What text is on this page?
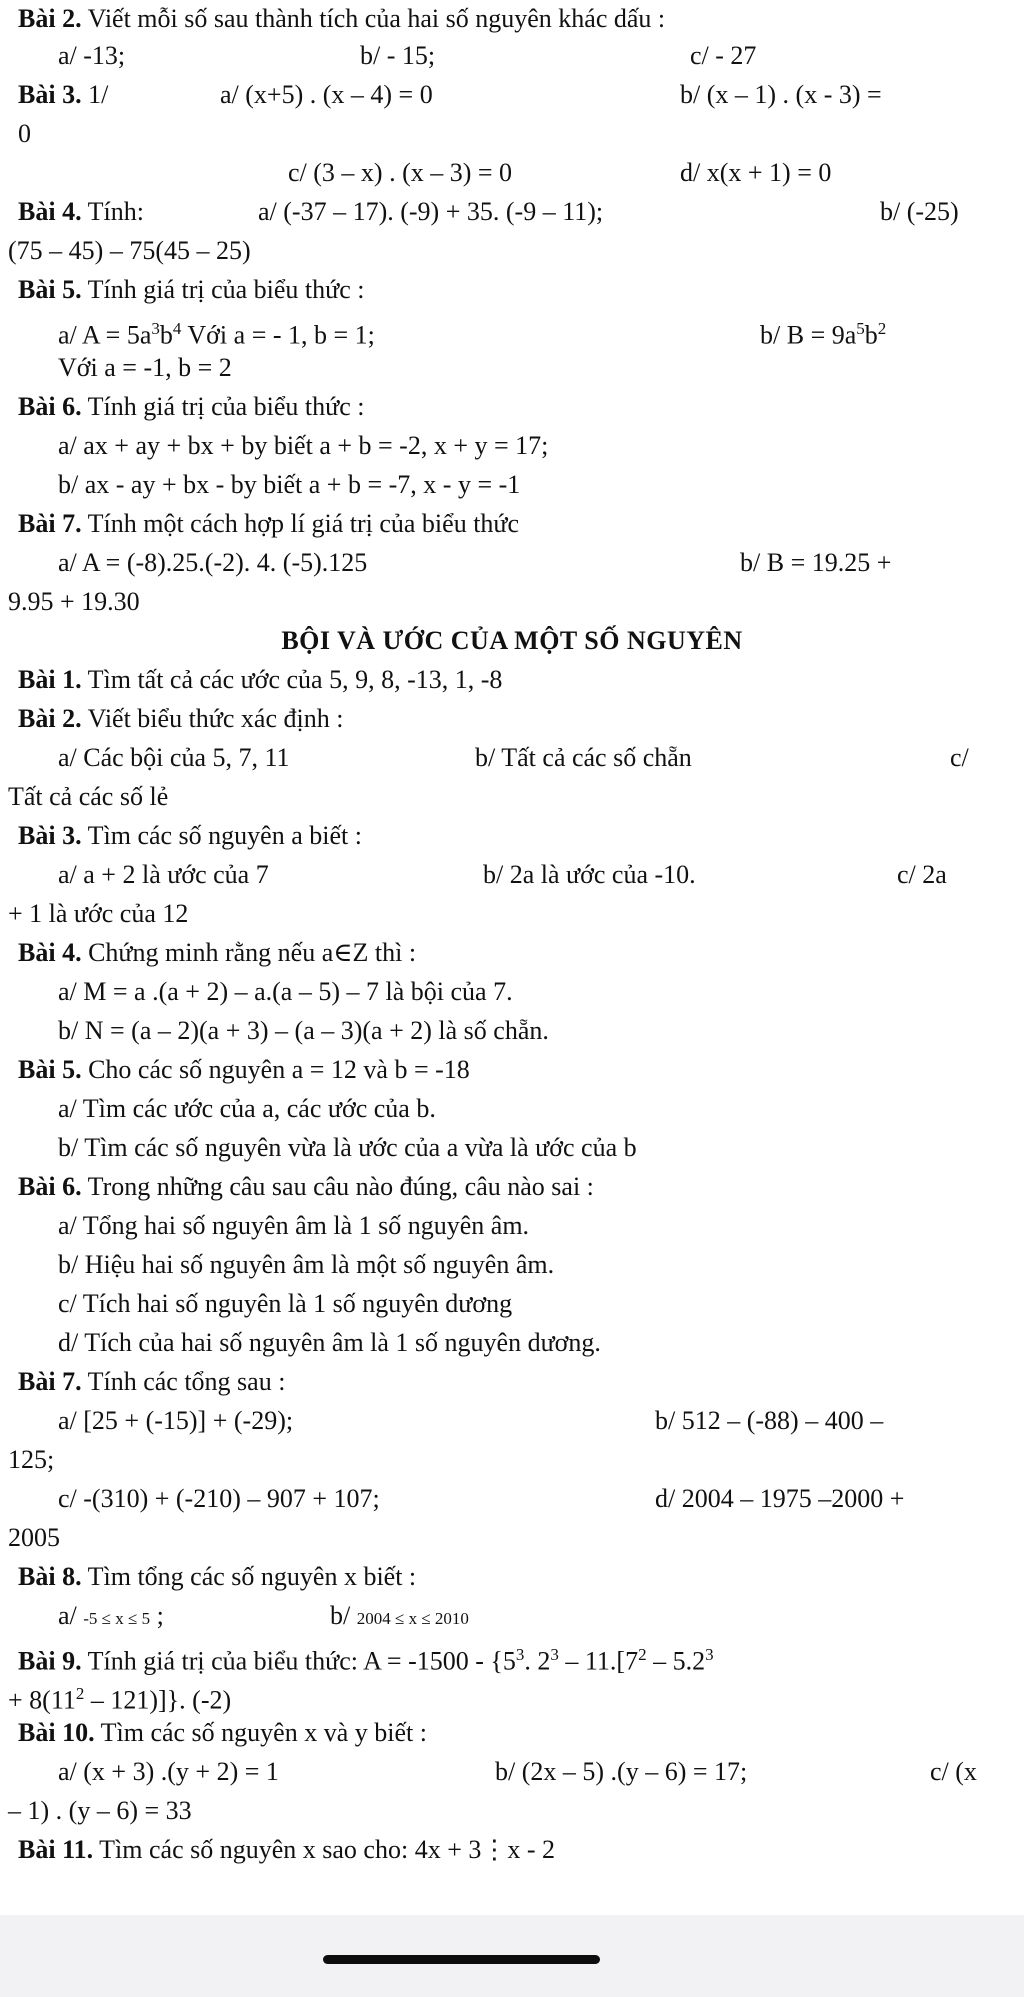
Bài 2. Viết mỗi số sau thành tích của hai số nguyên khác dấu :
a/ -13;	b/ - 15;	c/ - 27
Bài 3. 1/	a/ (x+5) . (x – 4) = 0	b/ (x – 1) . (x - 3) =
0
c/ (3 – x) . (x – 3) = 0	d/ x(x + 1) = 0
Bài 4. Tính:	a/ (-37 – 17). (-9) + 35. (-9 – 11);	b/ (-25)
(75 – 45) – 75(45 – 25)
Bài 5. Tính giá trị của biểu thức :
a/ $A = 5a^3b^4$ Với a = - 1, b = 1;	b/ $B = 9a^5b^2$
Với a = -1, b = 2
Bài 6. Tính giá trị của biểu thức :
a/ ax + ay + bx + by biết a + b = -2, x + y = 17;
b/ ax - ay + bx - by biết a + b = -7, x - y = -1
Bài 7. Tính một cách hợp lí giá trị của biểu thức
a/ A = (-8).25.(-2). 4. (-5).125	b/ B = 19.25 +
9.95 + 19.30
BỘI VÀ ƯỚC CỦA MỘT SỐ NGUYÊN
Bài 1. Tìm tất cả các ước của 5, 9, 8, -13, 1, -8
Bài 2. Viết biểu thức xác định :
a/ Các bội của 5, 7, 11	b/ Tất cả các số chẵn	c/
Tất cả các số lẻ
Bài 3. Tìm các số nguyên a biết :
a/ a + 2 là ước của 7	b/ 2a là ước của -10.	c/ 2a
+ 1 là ước của 12
Bài 4. Chứng minh rằng nếu a∈Z thì :
a/ M = a .(a + 2) – a.(a – 5) – 7 là bội của 7.
b/ N = (a – 2)(a + 3) – (a – 3)(a + 2) là số chẵn.
Bài 5. Cho các số nguyên a = 12 và b = -18
a/ Tìm các ước của a, các ước của b.
b/ Tìm các số nguyên vừa là ước của a vừa là ước của b
Bài 6. Trong những câu sau câu nào đúng, câu nào sai :
a/ Tổng hai số nguyên âm là 1 số nguyên âm.
b/ Hiệu hai số nguyên âm là một số nguyên âm.
c/ Tích hai số nguyên là 1 số nguyên dương
d/ Tích của hai số nguyên âm là 1 số nguyên dương.
Bài 7. Tính các tổng sau :
a/ [25 + (-15)] + (-29);	b/ 512 – (-88) – 400 –
125;
c/ -(310) + (-210) – 907 + 107;	d/ 2004 – 1975 –2000 +
2005
Bài 8. Tìm tổng các số nguyên x biết :
a/ -5 ≤ x ≤ 5 ;	b/ 2004 ≤ x ≤ 2010
Bài 9. Tính giá trị của biểu thức: $A = -1500 - \{5^3$. $2^3 - 11.[7^2 - 5.2^3$
+ $8(11^2 - 121)$]}. (-2)
Bài 10. Tìm các số nguyên x và y biết :
a/ (x + 3) .(y + 2) = 1	b/ (2x – 5) .(y – 6) = 17;	c/ (x
– 1) . (y – 6) = 33
Bài 11. Tìm các số nguyên x sao cho: 4x + 3⋮x - 2
